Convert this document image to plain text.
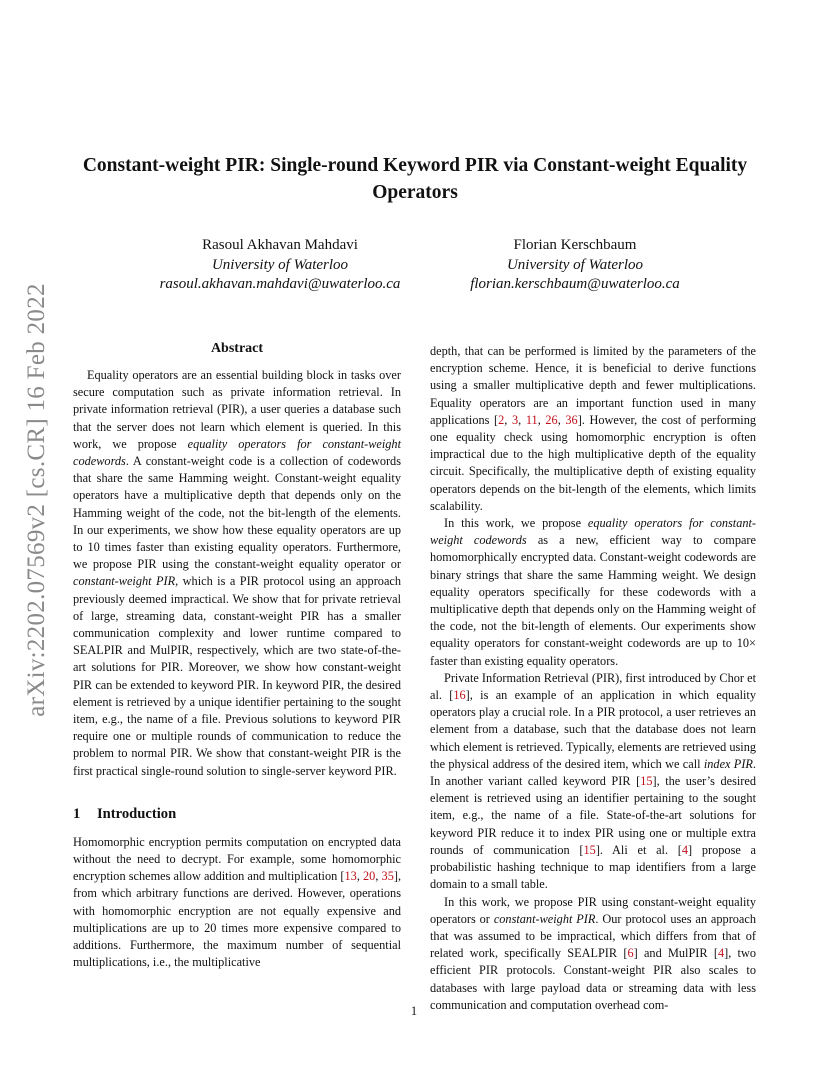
arXiv:2202.07569v2 [cs.CR] 16 Feb 2022
Constant-weight PIR: Single-round Keyword PIR via Constant-weight Equality Operators
Rasoul Akhavan Mahdavi
University of Waterloo
rasoul.akhavan.mahdavi@uwaterloo.ca
Florian Kerschbaum
University of Waterloo
florian.kerschbaum@uwaterloo.ca
Abstract

Equality operators are an essential building block in tasks over secure computation such as private information retrieval. In private information retrieval (PIR), a user queries a database such that the server does not learn which element is queried. In this work, we propose equality operators for constant-weight codewords. A constant-weight code is a collection of codewords that share the same Hamming weight. Constant-weight equality operators have a multiplicative depth that depends only on the Hamming weight of the code, not the bit-length of the elements. In our experiments, we show how these equality operators are up to 10 times faster than existing equality operators. Furthermore, we propose PIR using the constant-weight equality operator or constant-weight PIR, which is a PIR protocol using an approach previously deemed impractical. We show that for private retrieval of large, streaming data, constant-weight PIR has a smaller communication complexity and lower runtime compared to SEALPIR and MulPIR, respectively, which are two state-of-the-art solutions for PIR. Moreover, we show how constant-weight PIR can be extended to keyword PIR. In keyword PIR, the desired element is retrieved by a unique identifier pertaining to the sought item, e.g., the name of a file. Previous solutions to keyword PIR require one or multiple rounds of communication to reduce the problem to normal PIR. We show that constant-weight PIR is the first practical single-round solution to single-server keyword PIR.

1 Introduction

Homomorphic encryption permits computation on encrypted data without the need to decrypt. For example, some homomorphic encryption schemes allow addition and multiplication [13, 20, 35], from which arbitrary functions are derived. However, operations with homomorphic encryption are not equally expensive and multiplications are up to 20 times more expensive compared to additions. Furthermore, the maximum number of sequential multiplications, i.e., the multiplicative

depth, that can be performed is limited by the parameters of the encryption scheme. Hence, it is beneficial to derive functions using a smaller multiplicative depth and fewer multiplications. Equality operators are an important function used in many applications [2, 3, 11, 26, 36]. However, the cost of performing one equality check using homomorphic encryption is often impractical due to the high multiplicative depth of the equality circuit. Specifically, the multiplicative depth of existing equality operators depends on the bit-length of the elements, which limits scalability.

In this work, we propose equality operators for constant-weight codewords as a new, efficient way to compare homomorphically encrypted data. Constant-weight codewords are binary strings that share the same Hamming weight. We design equality operators specifically for these codewords with a multiplicative depth that depends only on the Hamming weight of the code, not the bit-length of elements. Our experiments show equality operators for constant-weight codewords are up to 10× faster than existing equality operators.

Private Information Retrieval (PIR), first introduced by Chor et al. [16], is an example of an application in which equality operators play a crucial role. In a PIR protocol, a user retrieves an element from a database, such that the database does not learn which element is retrieved. Typically, elements are retrieved using the physical address of the desired item, which we call index PIR. In another variant called keyword PIR [15], the user’s desired element is retrieved using an identifier pertaining to the sought item, e.g., the name of a file. State-of-the-art solutions for keyword PIR reduce it to index PIR using one or multiple extra rounds of communication [15]. Ali et al. [4] propose a probabilistic hashing technique to map identifiers from a large domain to a small table.

In this work, we propose PIR using constant-weight equality operators or constant-weight PIR. Our protocol uses an approach that was assumed to be impractical, which differs from that of related work, specifically SEALPIR [6] and MulPIR [4], two efficient PIR protocols. Constant-weight PIR also scales to databases with large payload data or streaming data with less communication and computation overhead com-

1
